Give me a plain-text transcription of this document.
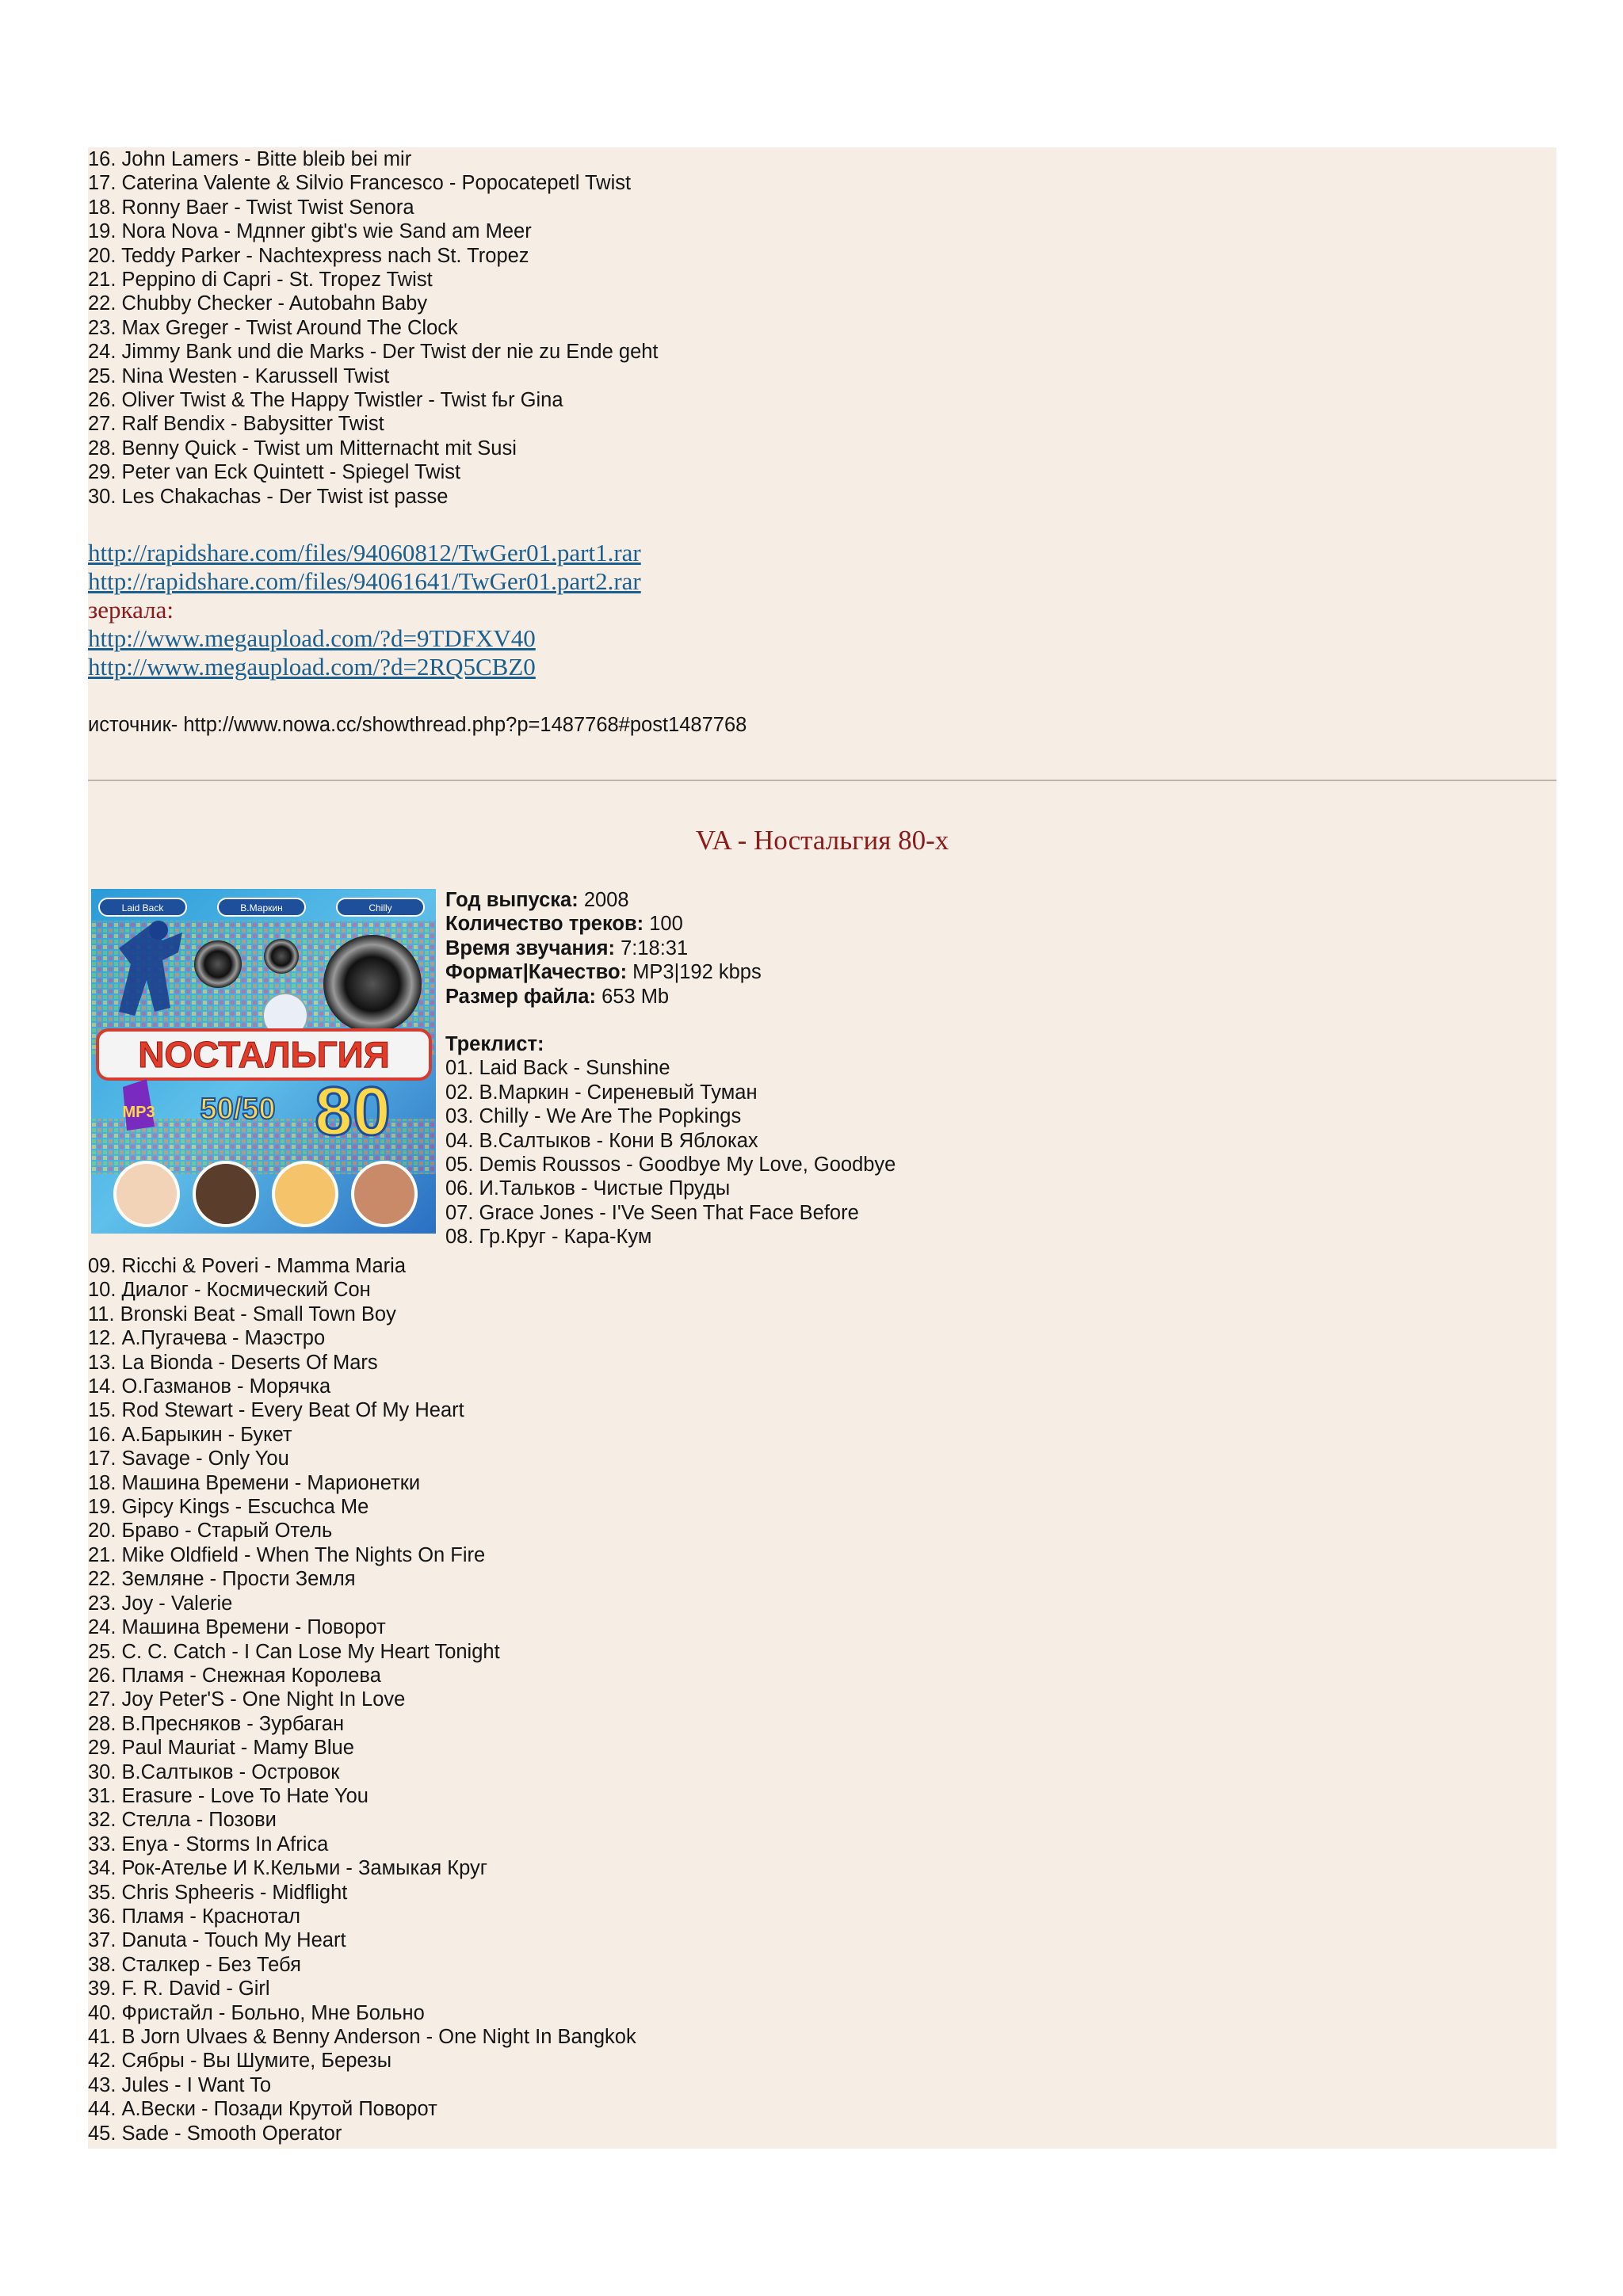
16. John Lamers - Bitte bleib bei mir
17. Caterina Valente & Silvio Francesco - Popocatepetl Twist
18. Ronny Baer - Twist Twist Senora
19. Nora Nova - Mдnner gibt's wie Sand am Meer
20. Teddy Parker - Nachtexpress nach St. Tropez
21. Peppino di Capri - St. Tropez Twist
22. Chubby Checker - Autobahn Baby
23. Max Greger - Twist Around The Clock
24. Jimmy Bank und die Marks - Der Twist der nie zu Ende geht
25. Nina Westen - Karussell Twist
26. Oliver Twist & The Happy Twistler - Twist fьr Gina
27. Ralf Bendix - Babysitter Twist
28. Benny Quick - Twist um Mitternacht mit Susi
29. Peter van Eck Quintett - Spiegel Twist
30. Les Chakachas - Der Twist ist passe
http://rapidshare.com/files/94060812/TwGer01.part1.rar
http://rapidshare.com/files/94061641/TwGer01.part2.rar
зеркала:
http://www.megaupload.com/?d=9TDFXV40
http://www.megaupload.com/?d=2RQ5CBZ0
источник- http://www.nowa.cc/showthread.php?p=1487768#post1487768
VA - Ностальгия 80-х
Laid Back	В.Маркин	Chilly
NOСТАЛЬГИЯ
MP3 50/50 80
Год выпуска: 2008
Количество треков: 100
Время звучания: 7:18:31
Формат|Качество: MP3|192 kbps
Размер файла: 653 Mb
Треклист:
01. Laid Back - Sunshine
02. В.Маркин - Сиреневый Туман
03. Chilly - We Are The Popkings
04. В.Салтыков - Кони В Яблоках
05. Demis Roussos - Goodbye My Love, Goodbye
06. И.Тальков - Чистые Пруды
07. Grace Jones - I'Ve Seen That Face Before
08. Гр.Круг - Кара-Кум
09. Ricchi & Poveri - Mamma Maria
10. Диалог - Космический Сон
11. Bronski Beat - Small Town Boy
12. А.Пугачева - Маэстро
13. La Bionda - Deserts Of Mars
14. О.Газманов - Морячка
15. Rod Stewart - Every Beat Of My Heart
16. А.Барыкин - Букет
17. Savage - Only You
18. Машина Времени - Марионетки
19. Gipcy Kings - Escuchca Me
20. Браво - Старый Отель
21. Mike Oldfield - When The Nights On Fire
22. Земляне - Прости Земля
23. Joy - Valerie
24. Машина Времени - Поворот
25. C. C. Catch - I Can Lose My Heart Tonight
26. Пламя - Снежная Королева
27. Joy Peter'S - One Night In Love
28. В.Пресняков - Зурбаган
29. Paul Mauriat - Mamy Blue
30. В.Салтыков - Островок
31. Erasure - Love To Hate You
32. Стелла - Позови
33. Enya - Storms In Africa
34. Рок-Ателье И К.Кельми - Замыкая Круг
35. Chris Spheeris - Midflight
36. Пламя - Краснотал
37. Danuta - Touch My Heart
38. Сталкер - Без Тебя
39. F. R. David - Girl
40. Фристайл - Больно, Мне Больно
41. B Jorn Ulvaes & Benny Anderson - One Night In Bangkok
42. Сябры - Вы Шумите, Березы
43. Jules - I Want To
44. А.Вески - Позади Крутой Поворот
45. Sade - Smooth Operator
